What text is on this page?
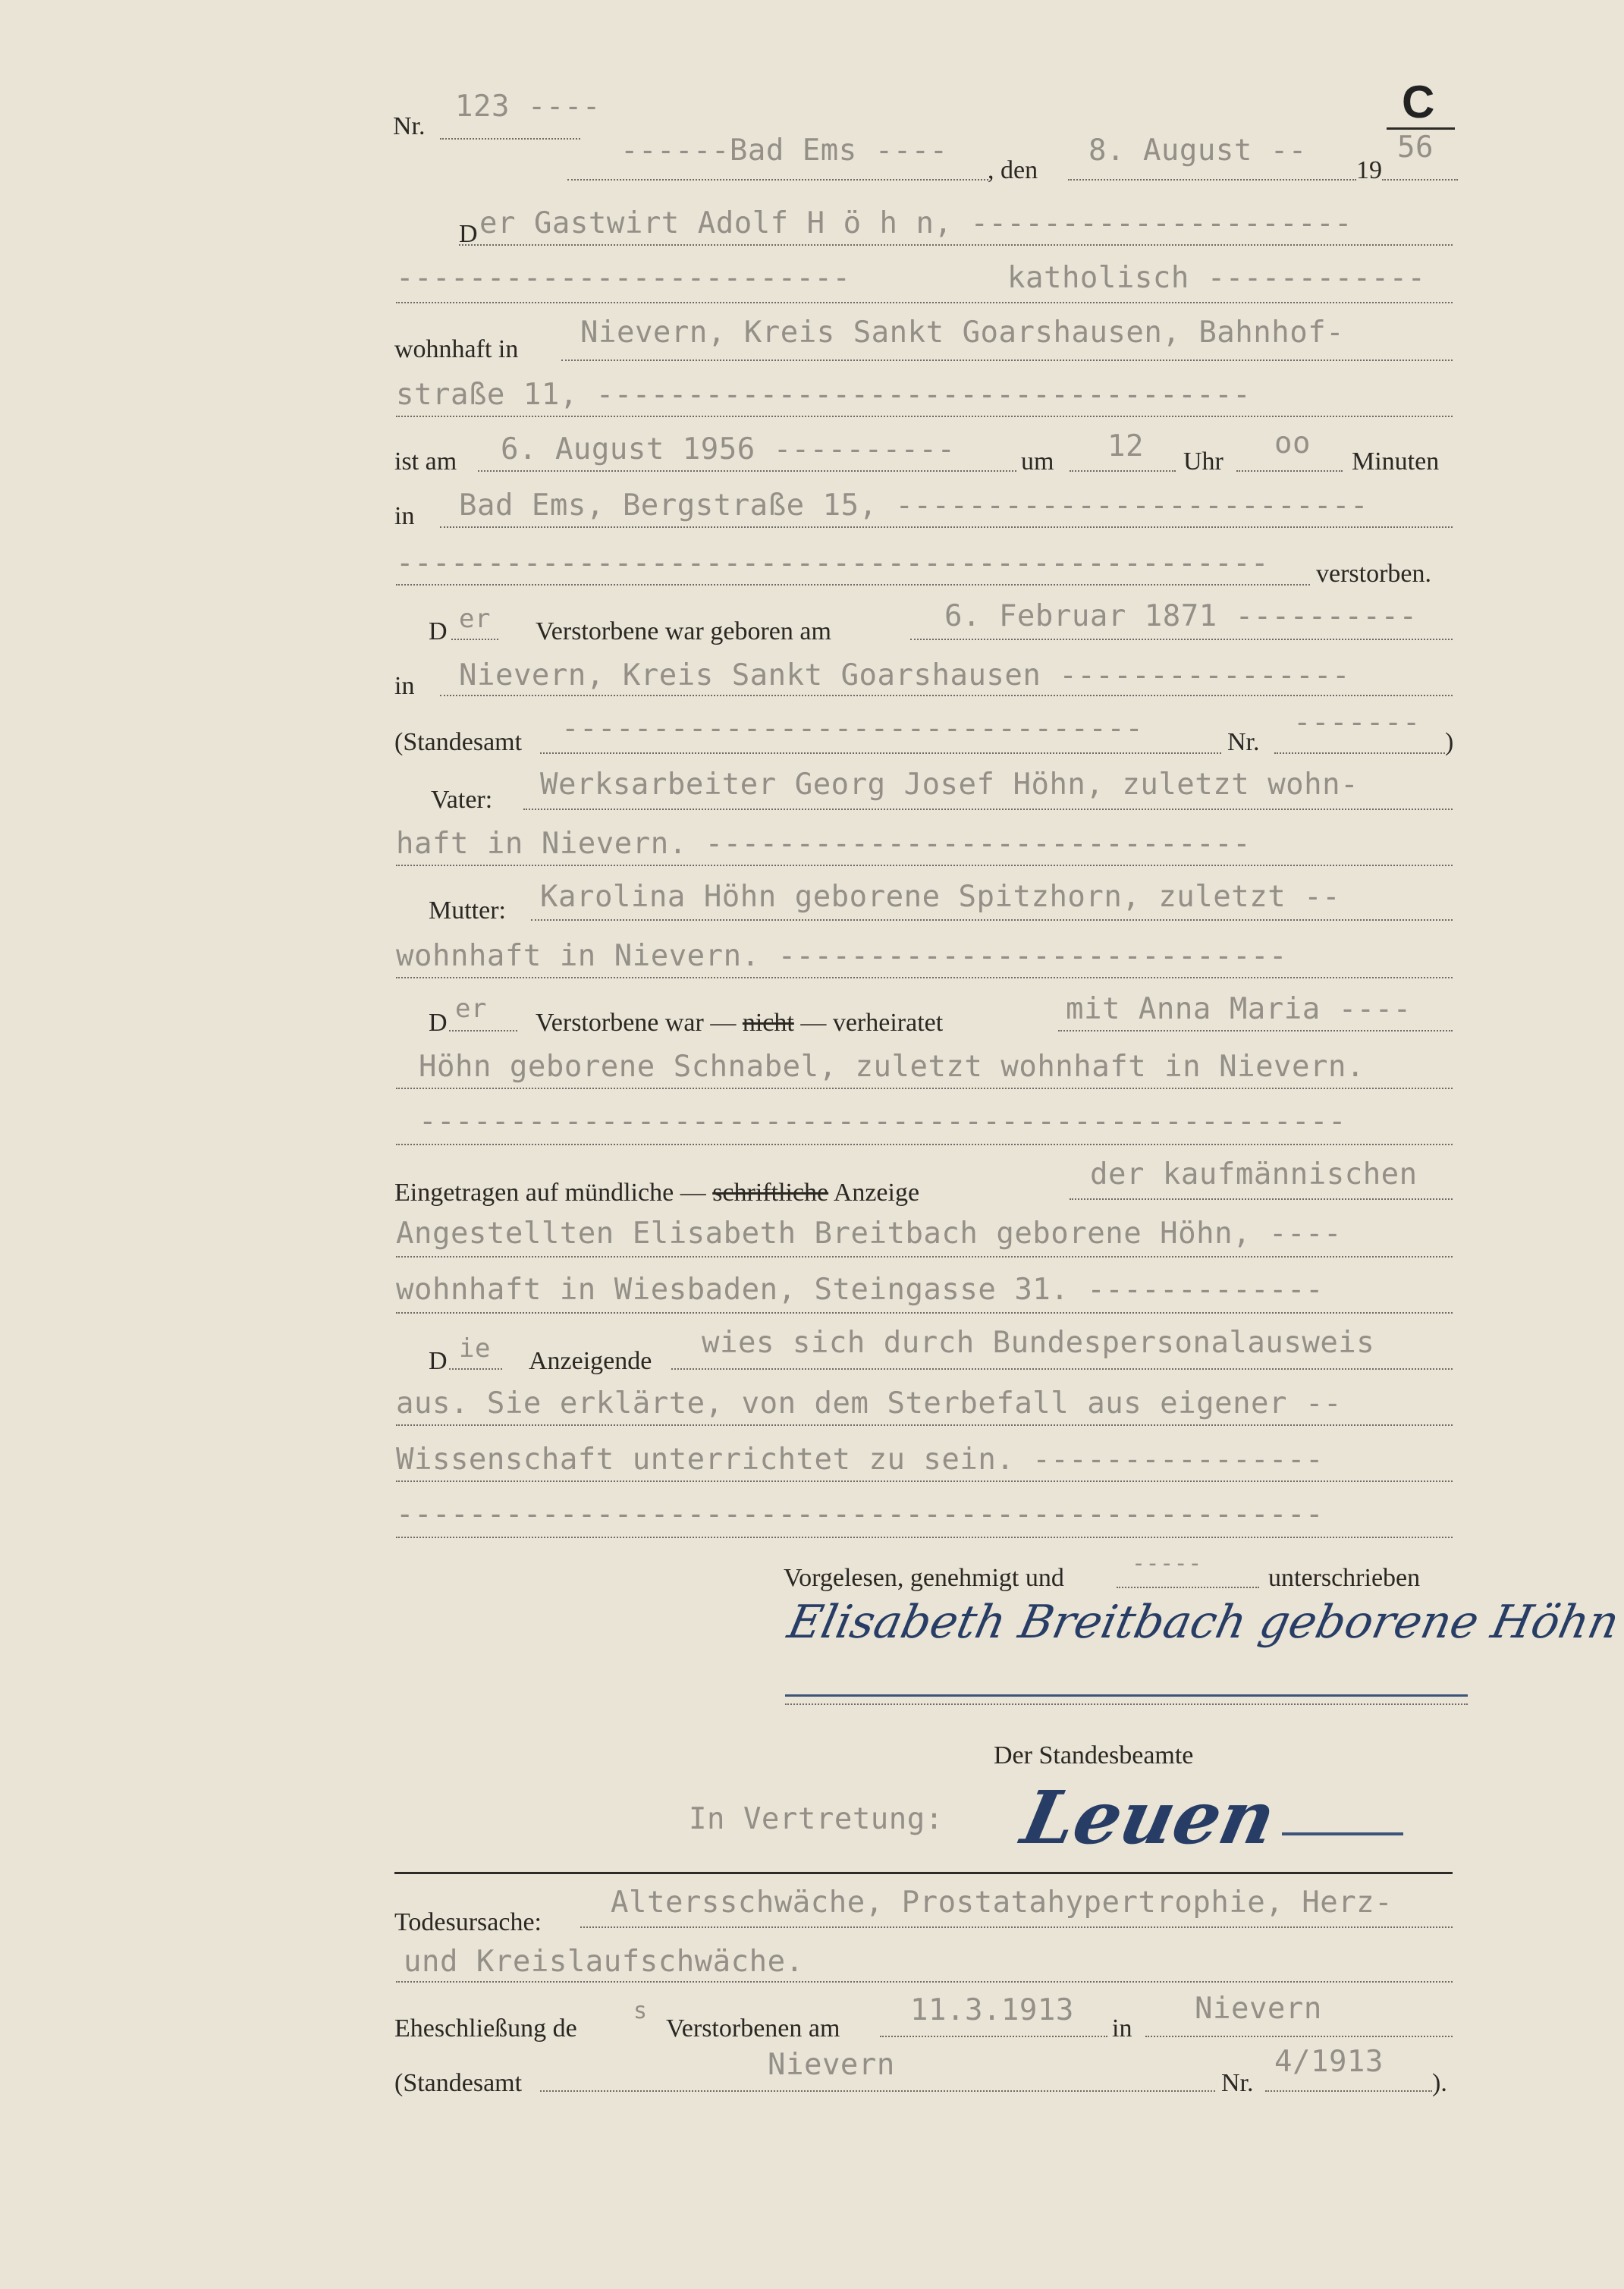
Nr.
123 ----	C
------Bad Ems ----
, den
8. August --
19
56
D er Gastwirt Adolf H ö h n, ---------------------
-------------------------	katholisch ------------
wohnhaft in Nievern, Kreis Sankt Goarshausen, Bahnhof-
straße 11, ------------------------------------
ist am 6. August 1956 ----------	um 12 Uhr
oo
Minuten
in Bad Ems, Bergstraße 15, --------------------------
------------------------------------------------ verstorben.
D er Verstorbene war geboren am	6. Februar 1871 ----------
in Nievern, Kreis Sankt Goarshausen ----------------
(Standesamt --------------------------------	Nr.
-------
)
Vater: Werksarbeiter Georg Josef Höhn, zuletzt wohn-
haft in Nievern. ------------------------------
Mutter: Karolina Höhn geborene Spitzhorn, zuletzt --
wohnhaft in Nievern. ----------------------------
D er Verstorbene war — nicht — verheiratet	mit Anna Maria ----
Höhn geborene Schnabel, zuletzt wohnhaft in Nievern.
---------------------------------------------------
Eingetragen auf mündliche — schriftliche Anzeige
der kaufmännischen
Angestellten Elisabeth Breitbach geborene Höhn, ----
wohnhaft in Wiesbaden, Steingasse 31. -------------
D ie Anzeigende
wies sich durch Bundespersonalausweis
aus. Sie erklärte, von dem Sterbefall aus eigener --
Wissenschaft unterrichtet zu sein. ----------------
---------------------------------------------------
Vorgelesen, genehmigt und
-----
unterschrieben
Elisabeth Breitbach geborene Höhn
Der Standesbeamte
In Vertretung: Leuen
Todesursache:
Altersschwäche, Prostatahypertrophie, Herz-
und Kreislaufschwäche.
Eheschließung de
s
Verstorbenen am
11.3.1913
in
Nievern
(Standesamt
Nievern
Nr.
4/1913
).
